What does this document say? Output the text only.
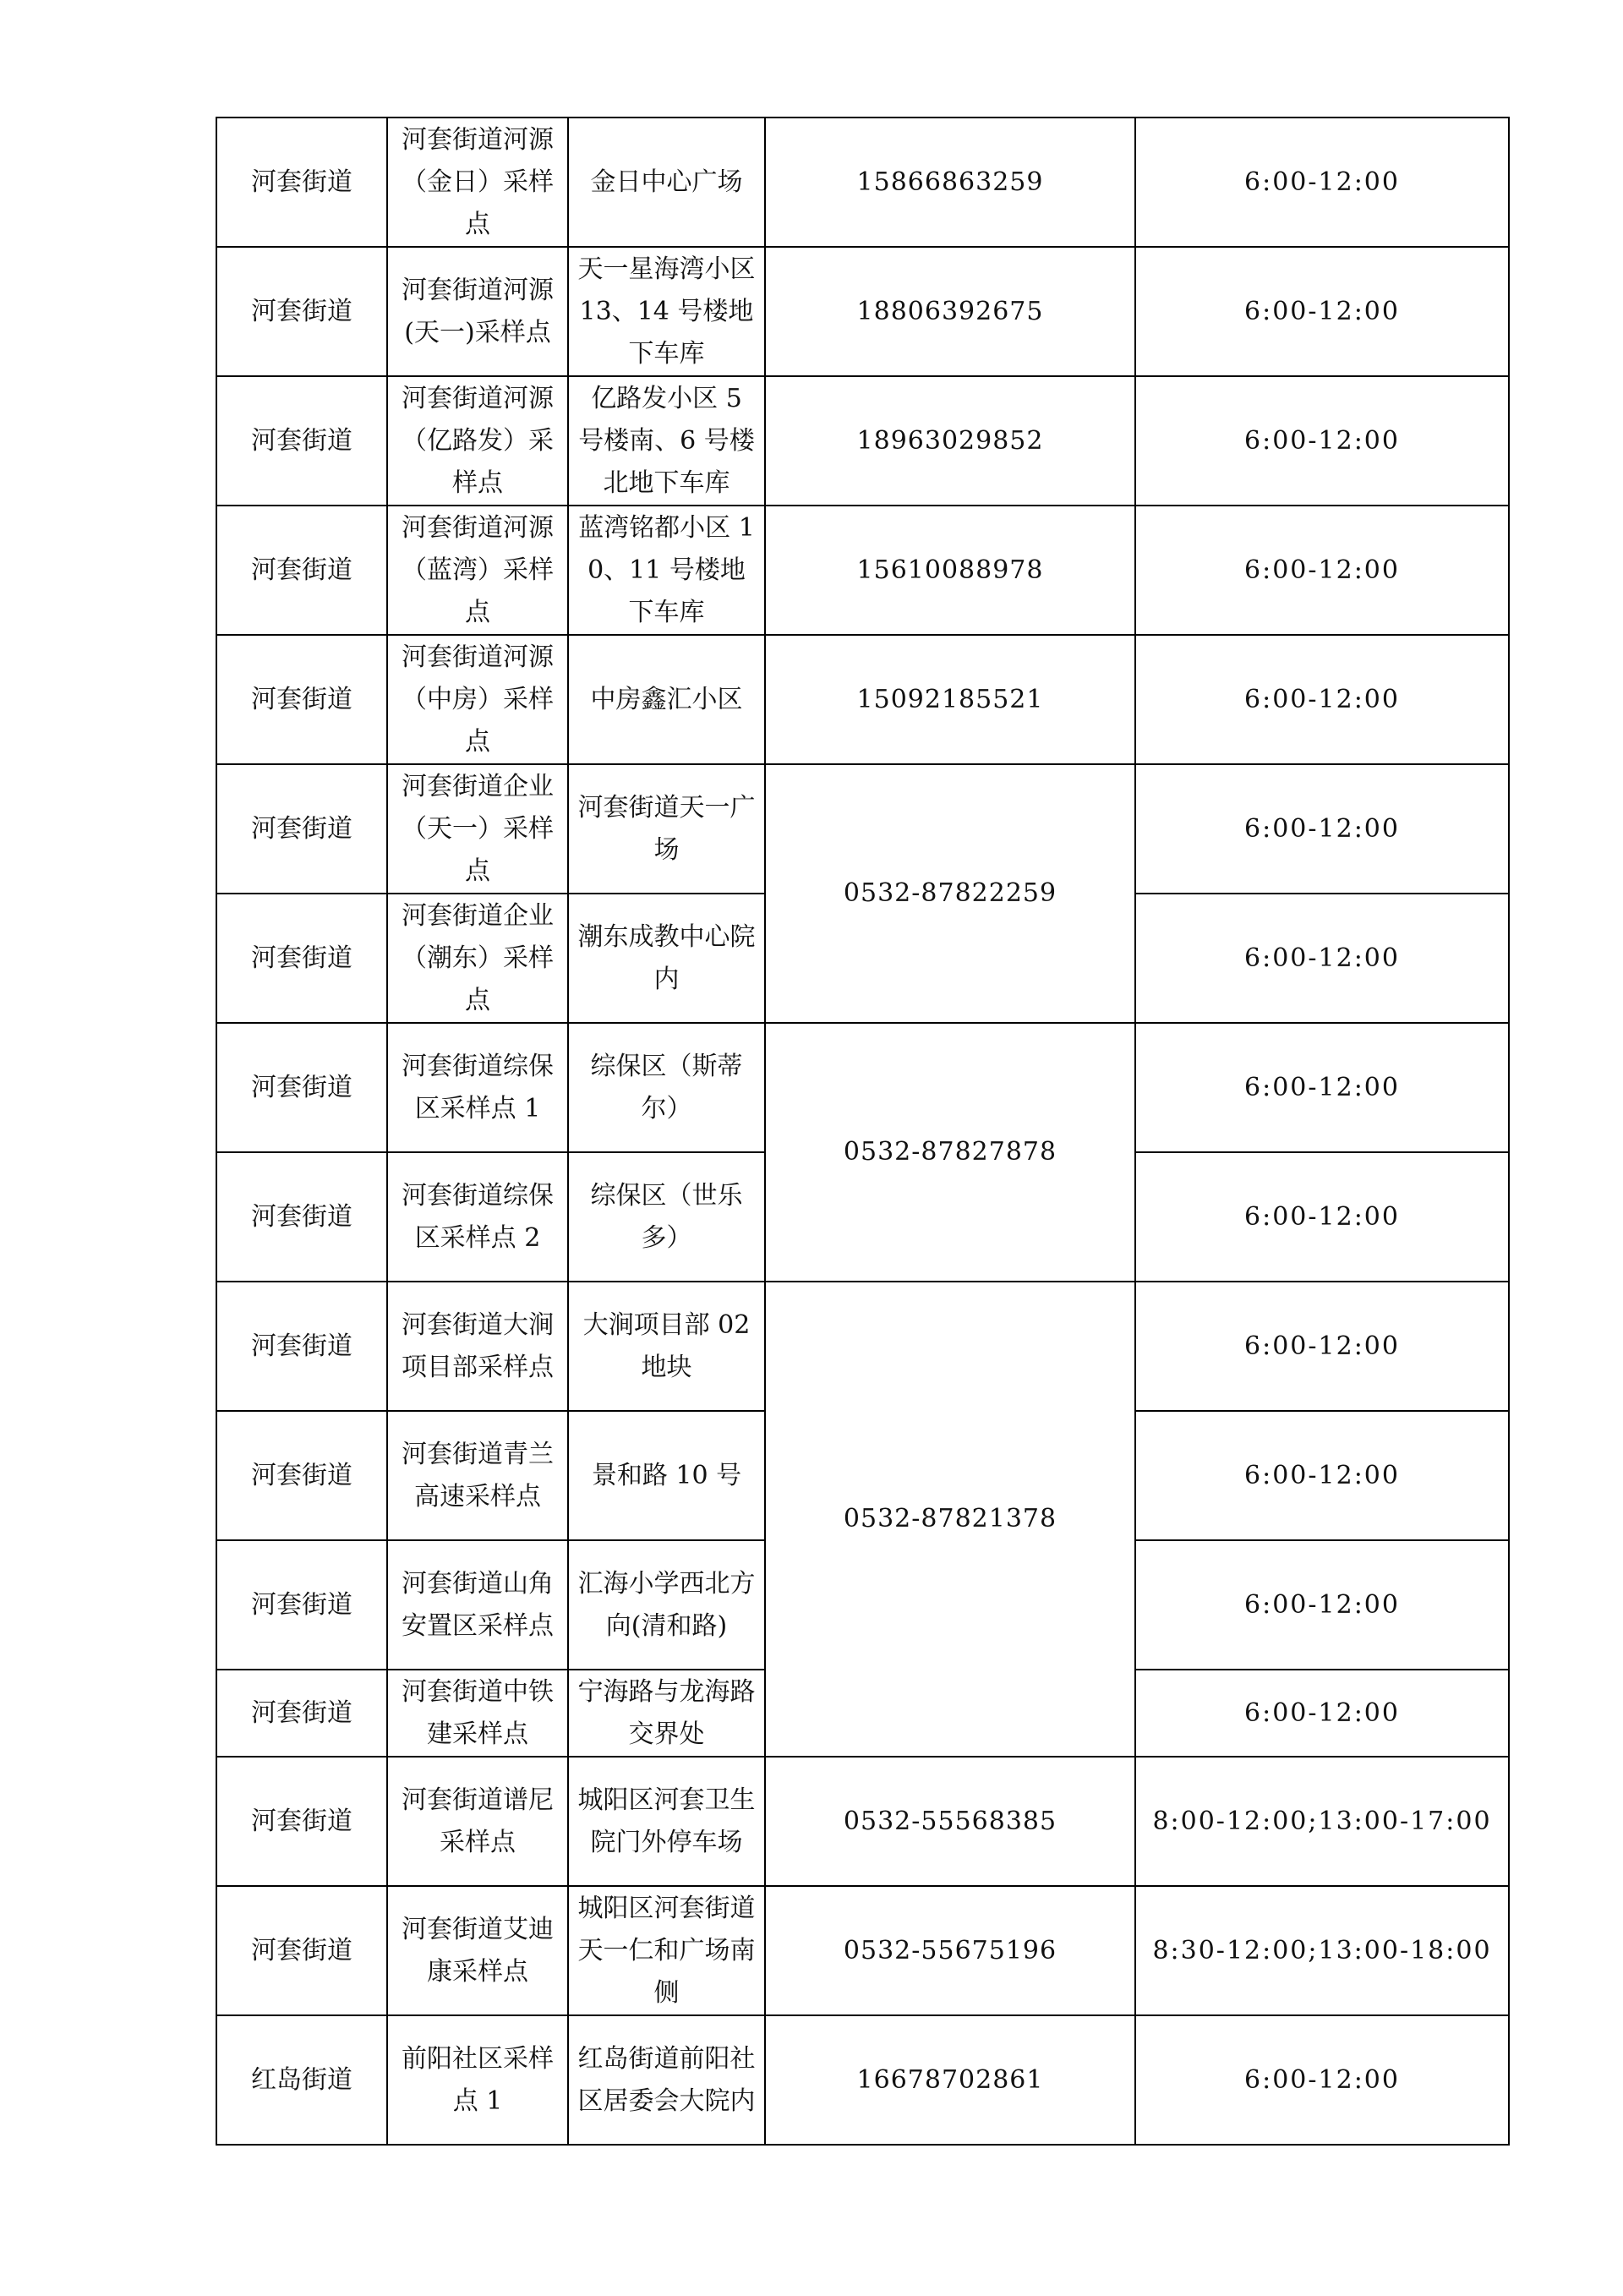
河套街道	河套街道河源（金日）采样点	金日中心广场	15866863259	6:00-12:00
河套街道	河套街道河源(天一)采样点	天一星海湾小区 13、14 号楼地下车库	18806392675	6:00-12:00
河套街道	河套街道河源（亿路发）采样点	亿路发小区 5 号楼南、6 号楼北地下车库	18963029852	6:00-12:00
河套街道	河套街道河源（蓝湾）采样点	蓝湾铭都小区 10、11 号楼地下车库	15610088978	6:00-12:00
河套街道	河套街道河源（中房）采样点	中房鑫汇小区	15092185521	6:00-12:00
河套街道	河套街道企业（天一）采样点	河套街道天一广场	0532-87822259	6:00-12:00
河套街道	河套街道企业（潮东）采样点	潮东成教中心院内		6:00-12:00
河套街道	河套街道综保区采样点 1	综保区（斯蒂尔）	0532-87827878	6:00-12:00
河套街道	河套街道综保区采样点 2	综保区（世乐多）		6:00-12:00
河套街道	河套街道大涧项目部采样点	大涧项目部 02 地块	0532-87821378	6:00-12:00
河套街道	河套街道青兰高速采样点	景和路 10 号		6:00-12:00
河套街道	河套街道山角安置区采样点	汇海小学西北方向(清和路)		6:00-12:00
河套街道	河套街道中铁建采样点	宁海路与龙海路交界处		6:00-12:00
河套街道	河套街道谱尼采样点	城阳区河套卫生院门外停车场	0532-55568385	8:00-12:00;13:00-17:00
河套街道	河套街道艾迪康采样点	城阳区河套街道天一仁和广场南侧	0532-55675196	8:30-12:00;13:00-18:00
红岛街道	前阳社区采样点 1	红岛街道前阳社区居委会大院内	16678702861	6:00-12:00
